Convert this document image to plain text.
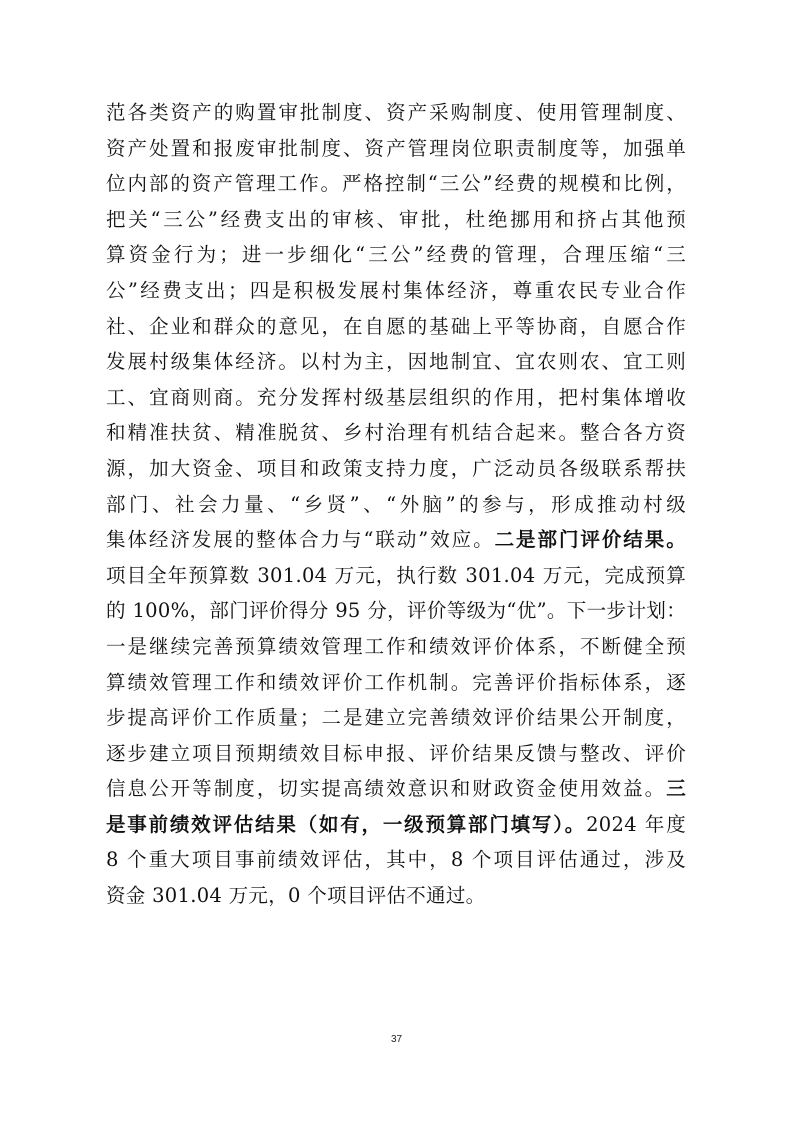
范各类资产的购置审批制度、资产采购制度、使用管理制度、
资产处置和报废审批制度、资产管理岗位职责制度等，加强单
位内部的资产管理工作。严格控制“三公”经费的规模和比例，
把关“三公”经费支出的审核、审批，杜绝挪用和挤占其他预
算资金行为；进一步细化“三公”经费的管理，合理压缩“三
公”经费支出；四是积极发展村集体经济，尊重农民专业合作
社、企业和群众的意见，在自愿的基础上平等协商，自愿合作
发展村级集体经济。以村为主，因地制宜、宜农则农、宜工则
工、宜商则商。充分发挥村级基层组织的作用，把村集体增收
和精准扶贫、精准脱贫、乡村治理有机结合起来。整合各方资
源，加大资金、项目和政策支持力度，广泛动员各级联系帮扶
部门、社会力量、“乡贤”、“外脑”的参与，形成推动村级
集体经济发展的整体合力与“联动”效应。二是部门评价结果。
项目全年预算数 301.04 万元，执行数 301.04 万元，完成预算
的 100%，部门评价得分 95 分，评价等级为“优”。下一步计划：
一是继续完善预算绩效管理工作和绩效评价体系，不断健全预
算绩效管理工作和绩效评价工作机制。完善评价指标体系，逐
步提高评价工作质量；二是建立完善绩效评价结果公开制度，
逐步建立项目预期绩效目标申报、评价结果反馈与整改、评价
信息公开等制度，切实提高绩效意识和财政资金使用效益。三
是事前绩效评估结果（如有，一级预算部门填写）。2024 年度
8 个重大项目事前绩效评估，其中，8 个项目评估通过，涉及
资金 301.04 万元，0 个项目评估不通过。
37
